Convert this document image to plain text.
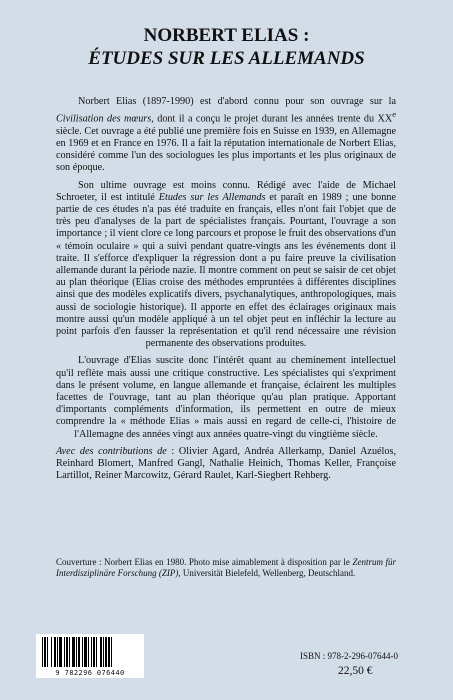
NORBERT ELIAS :
ÉTUDES SUR LES ALLEMANDS

Norbert Elias (1897-1990) est d'abord connu pour son ouvrage sur la Civilisation des mœurs, dont il a conçu le projet durant les années trente du XXe siècle. Cet ouvrage a été publié une première fois en Suisse en 1939, en Allemagne en 1969 et en France en 1976. Il a fait la réputation internationale de Norbert Elias, considéré comme l'un des sociologues les plus importants et les plus originaux de son époque.

Son ultime ouvrage est moins connu. Rédigé avec l'aide de Michael Schroeter, il est intitulé Etudes sur les Allemands et paraît en 1989 ; une bonne partie de ces études n'a pas été traduite en français, elles n'ont fait l'objet que de très peu d'analyses de la part de spécialistes français. Pourtant, l'ouvrage a son importance ; il vient clore ce long parcours et propose le fruit des observations d'un « témoin oculaire » qui a suivi pendant quatre-vingts ans les événements dont il traite. Il s'efforce d'expliquer la régression dont a pu faire preuve la civilisation allemande durant la période nazie. Il montre comment on peut se saisir de cet objet au plan théorique (Elias croise des méthodes empruntées à différentes disciplines ainsi que des modèles explicatifs divers, psychanalytiques, anthropologiques, mais aussi de sociologie historique). Il apporte en effet des éclairages originaux mais montre aussi qu'un modèle appliqué à un tel objet peut en infléchir la lecture au point parfois d'en fausser la représentation et qu'il rend nécessaire une révision permanente des observations produites.

L'ouvrage d'Elias suscite donc l'intérêt quant au cheminement intellectuel qu'il reflète mais aussi une critique constructive. Les spécialistes qui s'expriment dans le présent volume, en langue allemande et française, éclairent les multiples facettes de l'ouvrage, tant au plan théorique qu'au plan pratique. Apportant d'importants compléments d'information, ils permettent en outre de mieux comprendre la « méthode Elias » mais aussi en regard de celle-ci, l'histoire de l'Allemagne des années vingt aux années quatre-vingt du vingtième siècle.

Avec des contributions de : Olivier Agard, Andréa Allerkamp, Daniel Azuélos, Reinhard Blomert, Manfred Gangl, Nathalie Heinich, Thomas Keller, Françoise Lartillot, Reiner Marcowitz, Gérard Raulet, Karl-Siegbert Rehberg.

Couverture : Norbert Elias en 1980. Photo mise aimablement à disposition par le Zentrum für Interdisziplinäre Forschung (ZIP), Universität Bielefeld, Wellenberg, Deutschland.
9 782296 076440
ISBN : 978-2-296-07644-0
22,50 €
